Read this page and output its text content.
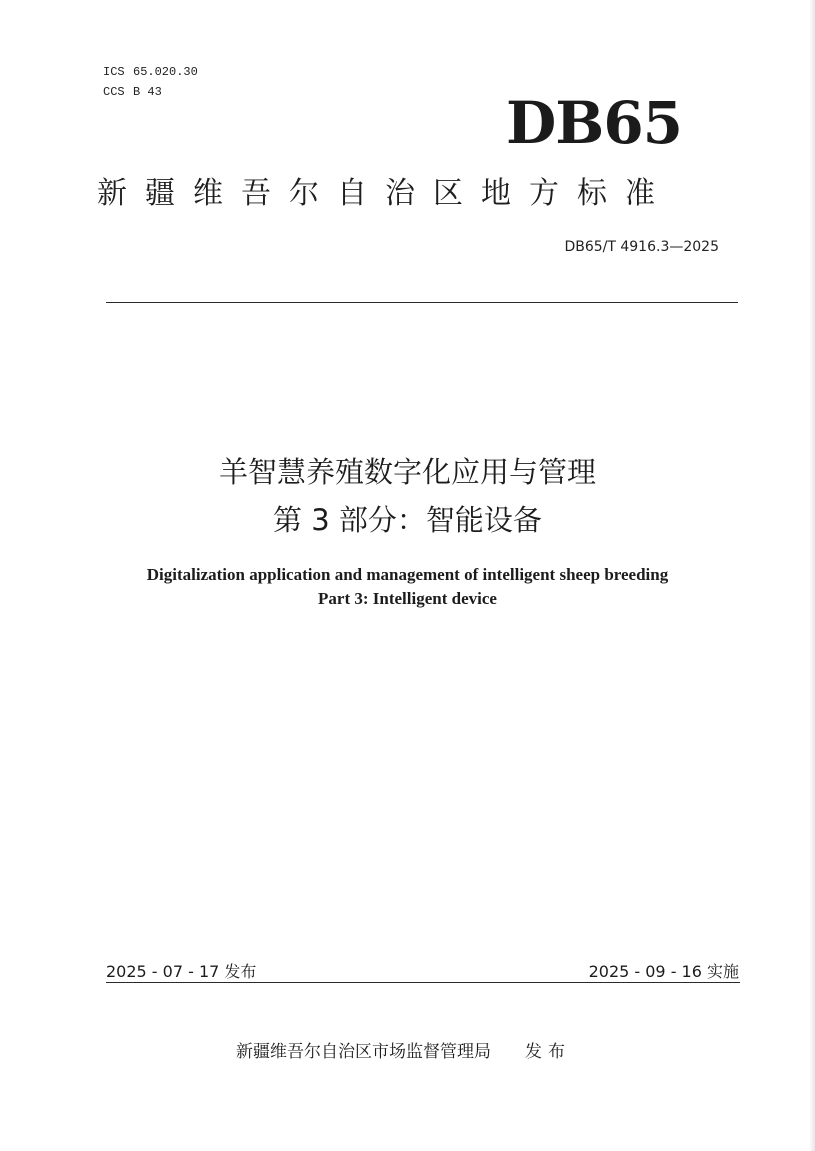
ICS 65.020.30
CCS B 43	DB65
新疆维吾尔自治区地方标准
DB65/T 4916.3—2025
羊智慧养殖数字化应用与管理
第 3 部分：智能设备
Digitalization application and management of intelligent sheep breeding
Part 3: Intelligent device
2025 - 07 - 17 发布	2025 - 09 - 16 实施
新疆维吾尔自治区市场监督管理局 发布
